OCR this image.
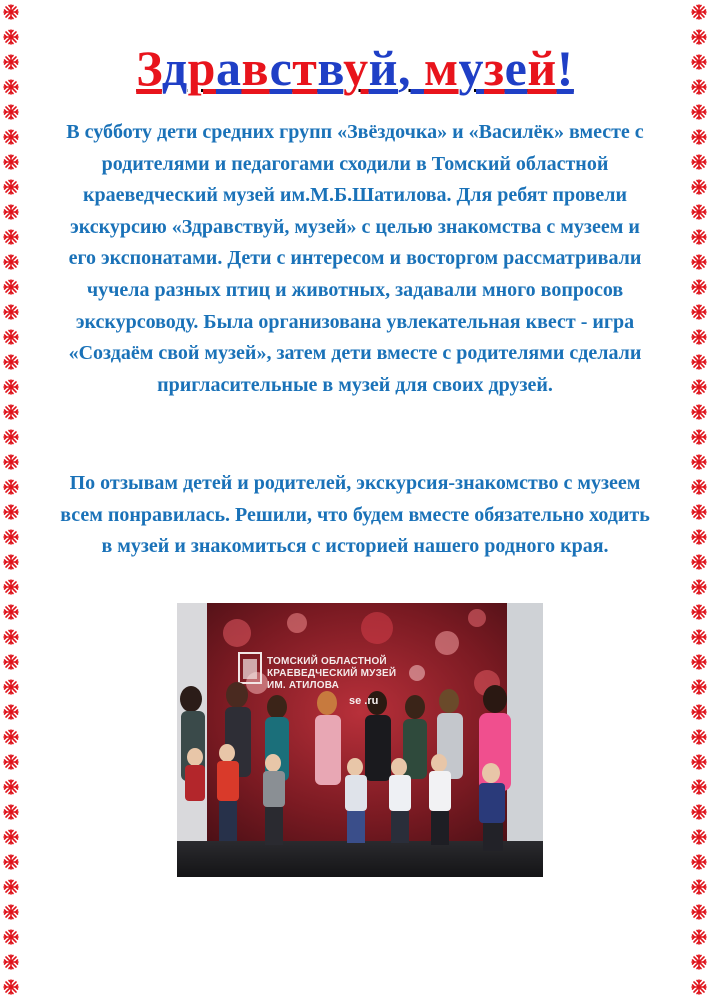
Здравствуй, музей!

В субботу дети средних групп «Звёздочка» и «Василёк» вместе с родителями и педагогами сходили в Томский областной краеведческий музей им.М.Б.Шатилова. Для ребят провели экскурсию «Здравствуй, музей» с целью знакомства с музеем и его экспонатами. Дети с интересом и восторгом рассматривали чучела разных птиц и животных, задавали много вопросов экскурсоводу. Была организована увлекательная квест - игра «Создаём свой музей», затем дети вместе с родителями сделали пригласительные в музей для своих друзей.

По отзывам детей и родителей, экскурсия-знакомство с музеем всем понравилась. Решили, что будем вместе обязательно ходить в музей и знакомиться с историей нашего родного края.

ТОМСКИЙ ОБЛАСТНОЙ
КРАЕВЕДЧЕСКИЙ МУЗЕЙ
ИМ. АТИЛОВА
se .ru
